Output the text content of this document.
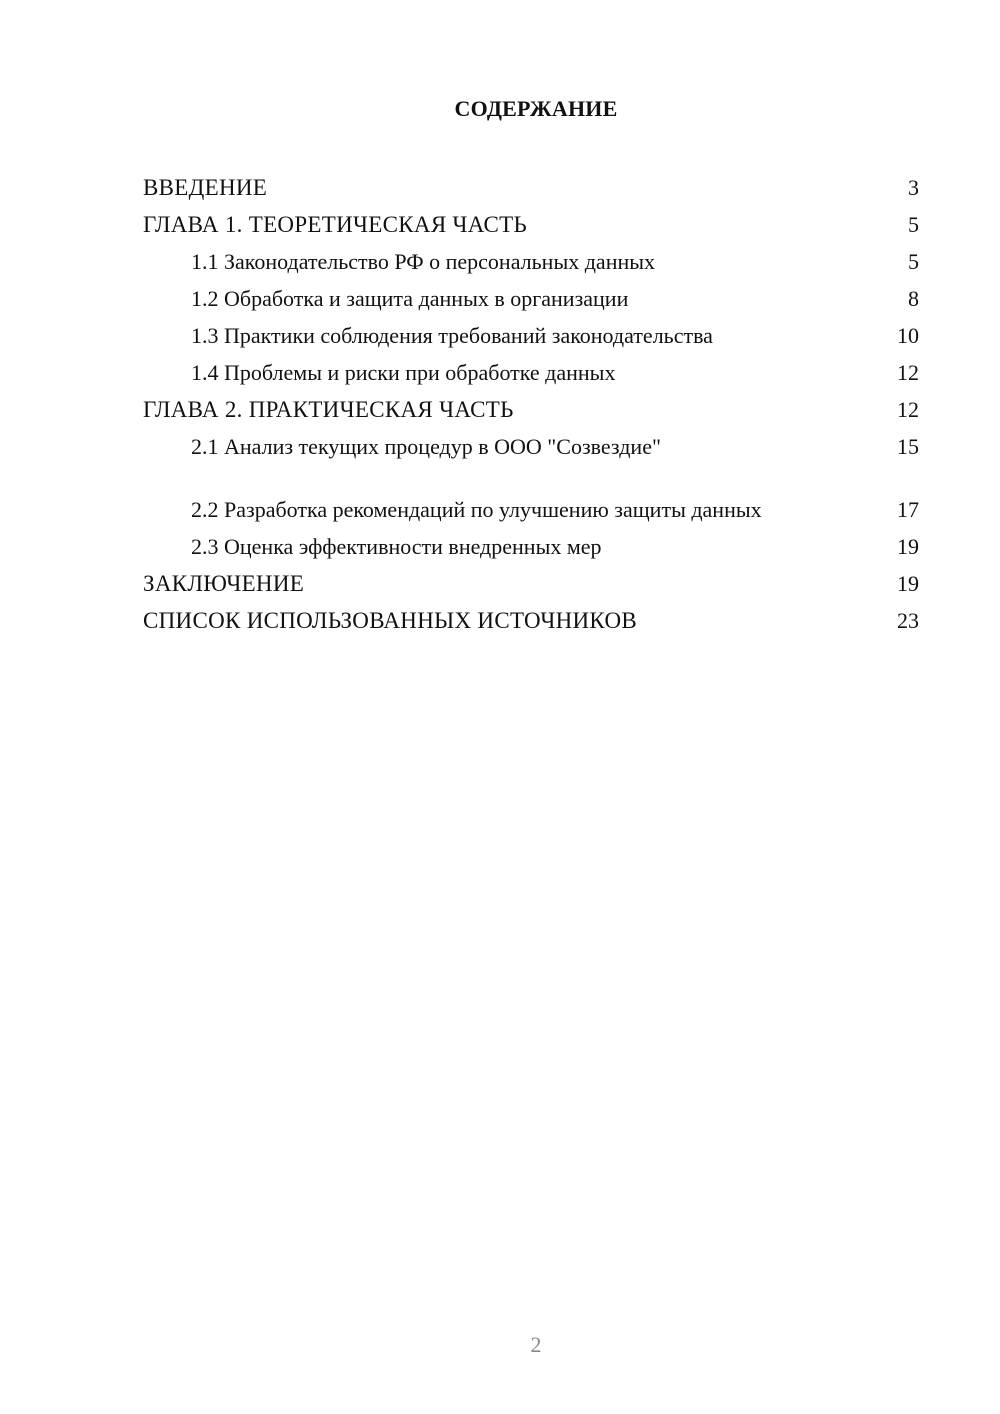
СОДЕРЖАНИЕ
ВВЕДЕНИЕ	3
ГЛАВА 1. ТЕОРЕТИЧЕСКАЯ ЧАСТЬ	5
1.1 Законодательство РФ о персональных данных	5
1.2 Обработка и защита данных в организации	8
1.3 Практики соблюдения требований законодательства	10
1.4 Проблемы и риски при обработке данных	12
ГЛАВА 2. ПРАКТИЧЕСКАЯ ЧАСТЬ	12
2.1 Анализ текущих процедур в ООО "Созвездие"	15
2.2 Разработка рекомендаций по улучшению защиты данных	17
2.3 Оценка эффективности внедренных мер	19
ЗАКЛЮЧЕНИЕ	19
СПИСОК ИСПОЛЬЗОВАННЫХ ИСТОЧНИКОВ	23
2
